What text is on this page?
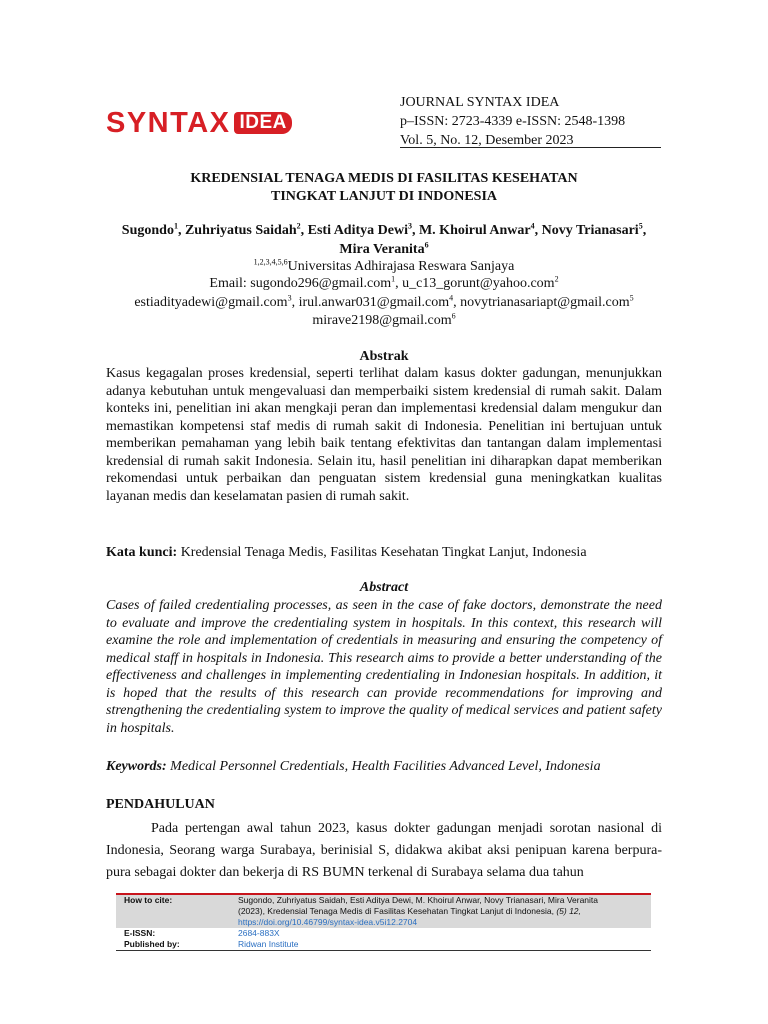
SYNTAX IDEA
JOURNAL SYNTAX IDEA
p–ISSN: 2723-4339 e-ISSN: 2548-1398
Vol. 5, No. 12, Desember 2023
KREDENSIAL TENAGA MEDIS DI FASILITAS KESEHATAN
TINGKAT LANJUT DI INDONESIA
Sugondo$^1$, Zuhriyatus Saidah$^2$, Esti Aditya Dewi$^3$, M. Khoirul Anwar$^4$, Novy Trianasari$^5$, Mira Veranita$^6$
$^{1,2,3,4,5,6}$Universitas Adhirajasa Reswara Sanjaya
Email: sugondo296@gmail.com$^1$, u_c13_gorunt@yahoo.com$^2$
estiadityadewi@gmail.com$^3$, irul.anwar031@gmail.com$^4$, novytrianasariapt@gmail.com$^5$
mirave2198@gmail.com$^6$
Abstrak
Kasus kegagalan proses kredensial, seperti terlihat dalam kasus dokter gadungan, menunjukkan adanya kebutuhan untuk mengevaluasi dan memperbaiki sistem kredensial di rumah sakit. Dalam konteks ini, penelitian ini akan mengkaji peran dan implementasi kredensial dalam mengukur dan memastikan kompetensi staf medis di rumah sakit di Indonesia. Penelitian ini bertujuan untuk memberikan pemahaman yang lebih baik tentang efektivitas dan tantangan dalam implementasi kredensial di rumah sakit Indonesia. Selain itu, hasil penelitian ini diharapkan dapat memberikan rekomendasi untuk perbaikan dan penguatan sistem kredensial guna meningkatkan kualitas layanan medis dan keselamatan pasien di rumah sakit.
Kata kunci: Kredensial Tenaga Medis, Fasilitas Kesehatan Tingkat Lanjut, Indonesia
Abstract
Cases of failed credentialing processes, as seen in the case of fake doctors, demonstrate the need to evaluate and improve the credentialing system in hospitals. In this context, this research will examine the role and implementation of credentials in measuring and ensuring the competency of medical staff in hospitals in Indonesia. This research aims to provide a better understanding of the effectiveness and challenges in implementing credentialing in Indonesian hospitals. In addition, it is hoped that the results of this research can provide recommendations for improving and strengthening the credentialing system to improve the quality of medical services and patient safety in hospitals.
Keywords: Medical Personnel Credentials, Health Facilities Advanced Level, Indonesia
PENDAHULUAN
Pada pertengan awal tahun 2023, kasus dokter gadungan menjadi sorotan nasional di Indonesia, Seorang warga Surabaya, berinisial S, didakwa akibat aksi penipuan karena berpura-pura sebagai dokter dan bekerja di RS BUMN terkenal di Surabaya selama dua tahun
How to cite:	Sugondo, Zuhriyatus Saidah, Esti Aditya Dewi, M. Khoirul Anwar, Novy Trianasari, Mira Veranita
(2023), Kredensial Tenaga Medis di Fasilitas Kesehatan Tingkat Lanjut di Indonesia, (5) 12,
https://doi.org/10.46799/syntax-idea.v5i12.2704
E-ISSN:	2684-883X
Published by:	Ridwan Institute
